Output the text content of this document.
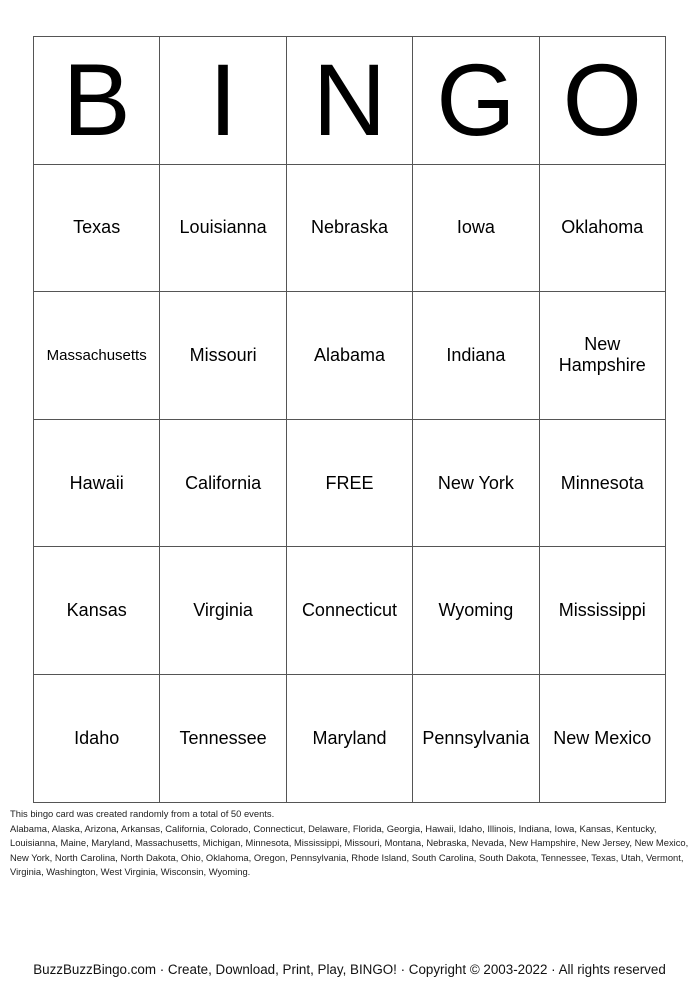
B	I	N	G	O
Texas	Louisianna	Nebraska	Iowa	Oklahoma
Massachusetts	Missouri	Alabama	Indiana	New Hampshire
Hawaii	California	FREE	New York	Minnesota
Kansas	Virginia	Connecticut	Wyoming	Mississippi
Idaho	Tennessee	Maryland	Pennsylvania	New Mexico
This bingo card was created randomly from a total of 50 events.
Alabama, Alaska, Arizona, Arkansas, California, Colorado, Connecticut, Delaware, Florida, Georgia, Hawaii, Idaho, Illinois, Indiana, Iowa, Kansas, Kentucky, Louisianna, Maine, Maryland, Massachusetts, Michigan, Minnesota, Mississippi, Missouri, Montana, Nebraska, Nevada, New Hampshire, New Jersey, New Mexico, New York, North Carolina, North Dakota, Ohio, Oklahoma, Oregon, Pennsylvania, Rhode Island, South Carolina, South Dakota, Tennessee, Texas, Utah, Vermont, Virginia, Washington, West Virginia, Wisconsin, Wyoming.
BuzzBuzzBingo.com · Create, Download, Print, Play, BINGO! · Copyright © 2003-2022 · All rights reserved
